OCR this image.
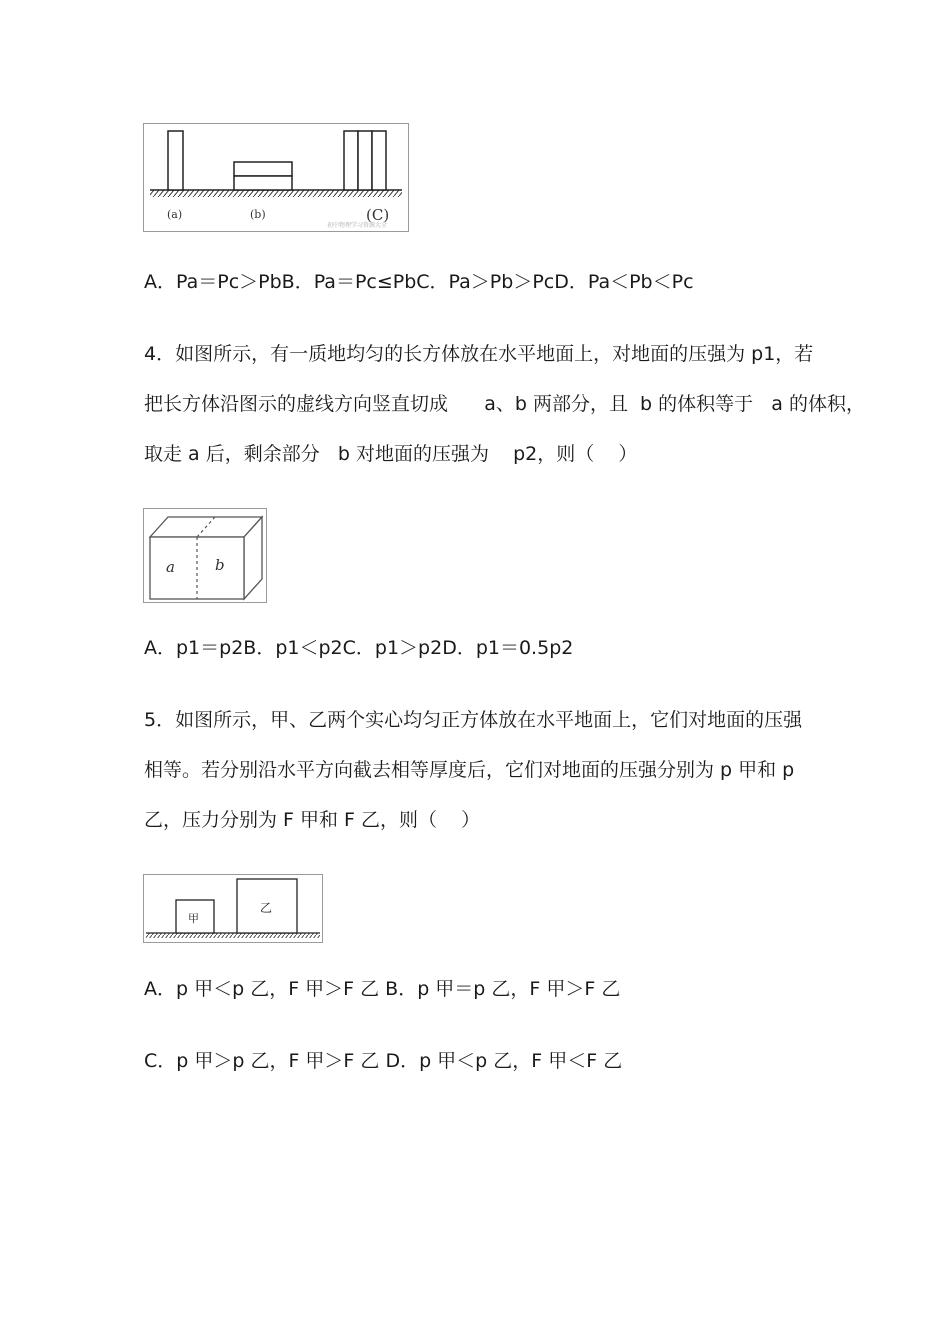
(a)	(b)	(C)
初中物理学习资源大全
A．Pa＝Pc＞PbB．Pa＝Pc≤PbC．Pa＞Pb＞PcD．Pa＜Pb＜Pc
4．如图所示，有一质地均匀的长方体放在水平地面上，对地面的压强为 p1，若
把长方体沿图示的虚线方向竖直切成      a、b 两部分，且  b 的体积等于   a 的体积，
取走 a 后，剩余部分   b 对地面的压强为    p2，则（    ）
a	b
A．p1＝p2B．p1＜p2C．p1＞p2D．p1＝0.5p2
5．如图所示，甲、乙两个实心均匀正方体放在水平地面上，它们对地面的压强
相等。若分别沿水平方向截去相等厚度后，它们对地面的压强分别为 p 甲和 p
乙，压力分别为 F 甲和 F 乙，则（    ）
甲
乙
A．p 甲＜p 乙，F 甲＞F 乙 B．p 甲＝p 乙，F 甲＞F 乙
C．p 甲＞p 乙，F 甲＞F 乙 D．p 甲＜p 乙，F 甲＜F 乙
